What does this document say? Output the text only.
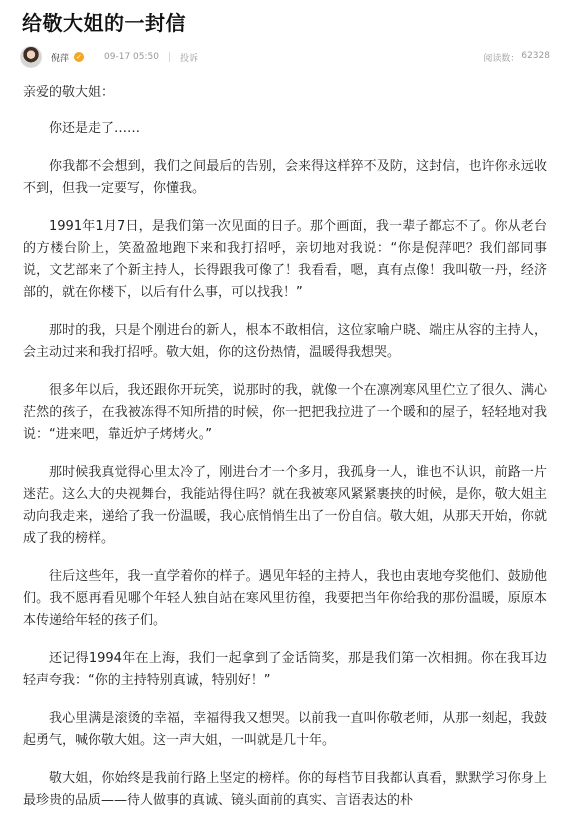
给敬大姐的一封信
倪萍 ✓ 09-17 05:50 投诉	阅读数： 62328

亲爱的敬大姐：

你还是走了……

你我都不会想到，我们之间最后的告别，会来得这样猝不及防，这封信，也许你永远收不到，但我一定要写，你懂我。

1991年1月7日，是我们第一次见面的日子。那个画面，我一辈子都忘不了。你从老台的方楼台阶上，笑盈盈地跑下来和我打招呼，亲切地对我说：“你是倪萍吧？我们部同事说，文艺部来了个新主持人，长得跟我可像了！我看看，嗯，真有点像！我叫敬一丹，经济部的，就在你楼下，以后有什么事，可以找我！”

那时的我，只是个刚进台的新人，根本不敢相信，这位家喻户晓、端庄从容的主持人，会主动过来和我打招呼。敬大姐，你的这份热情，温暖得我想哭。

很多年以后，我还跟你开玩笑，说那时的我，就像一个在凛冽寒风里伫立了很久、满心茫然的孩子，在我被冻得不知所措的时候，你一把把我拉进了一个暖和的屋子，轻轻地对我说：“进来吧，靠近炉子烤烤火。”

那时候我真觉得心里太冷了，刚进台才一个多月，我孤身一人，谁也不认识，前路一片迷茫。这么大的央视舞台，我能站得住吗？就在我被寒风紧紧裹挟的时候，是你，敬大姐主动向我走来，递给了我一份温暖，我心底悄悄生出了一份自信。敬大姐，从那天开始，你就成了我的榜样。

往后这些年，我一直学着你的样子。遇见年轻的主持人，我也由衷地夸奖他们、鼓励他们。我不愿再看见哪个年轻人独自站在寒风里彷徨，我要把当年你给我的那份温暖，原原本本传递给年轻的孩子们。

还记得1994年在上海，我们一起拿到了金话筒奖，那是我们第一次相拥。你在我耳边轻声夸我：“你的主持特别真诚，特别好！”

我心里满是滚烫的幸福，幸福得我又想哭。以前我一直叫你敬老师，从那一刻起，我鼓起勇气，喊你敬大姐。这一声大姐，一叫就是几十年。

敬大姐，你始终是我前行路上坚定的榜样。你的每档节目我都认真看，默默学习你身上最珍贵的品质——待人做事的真诚、镜头面前的真实、言语表达的朴
